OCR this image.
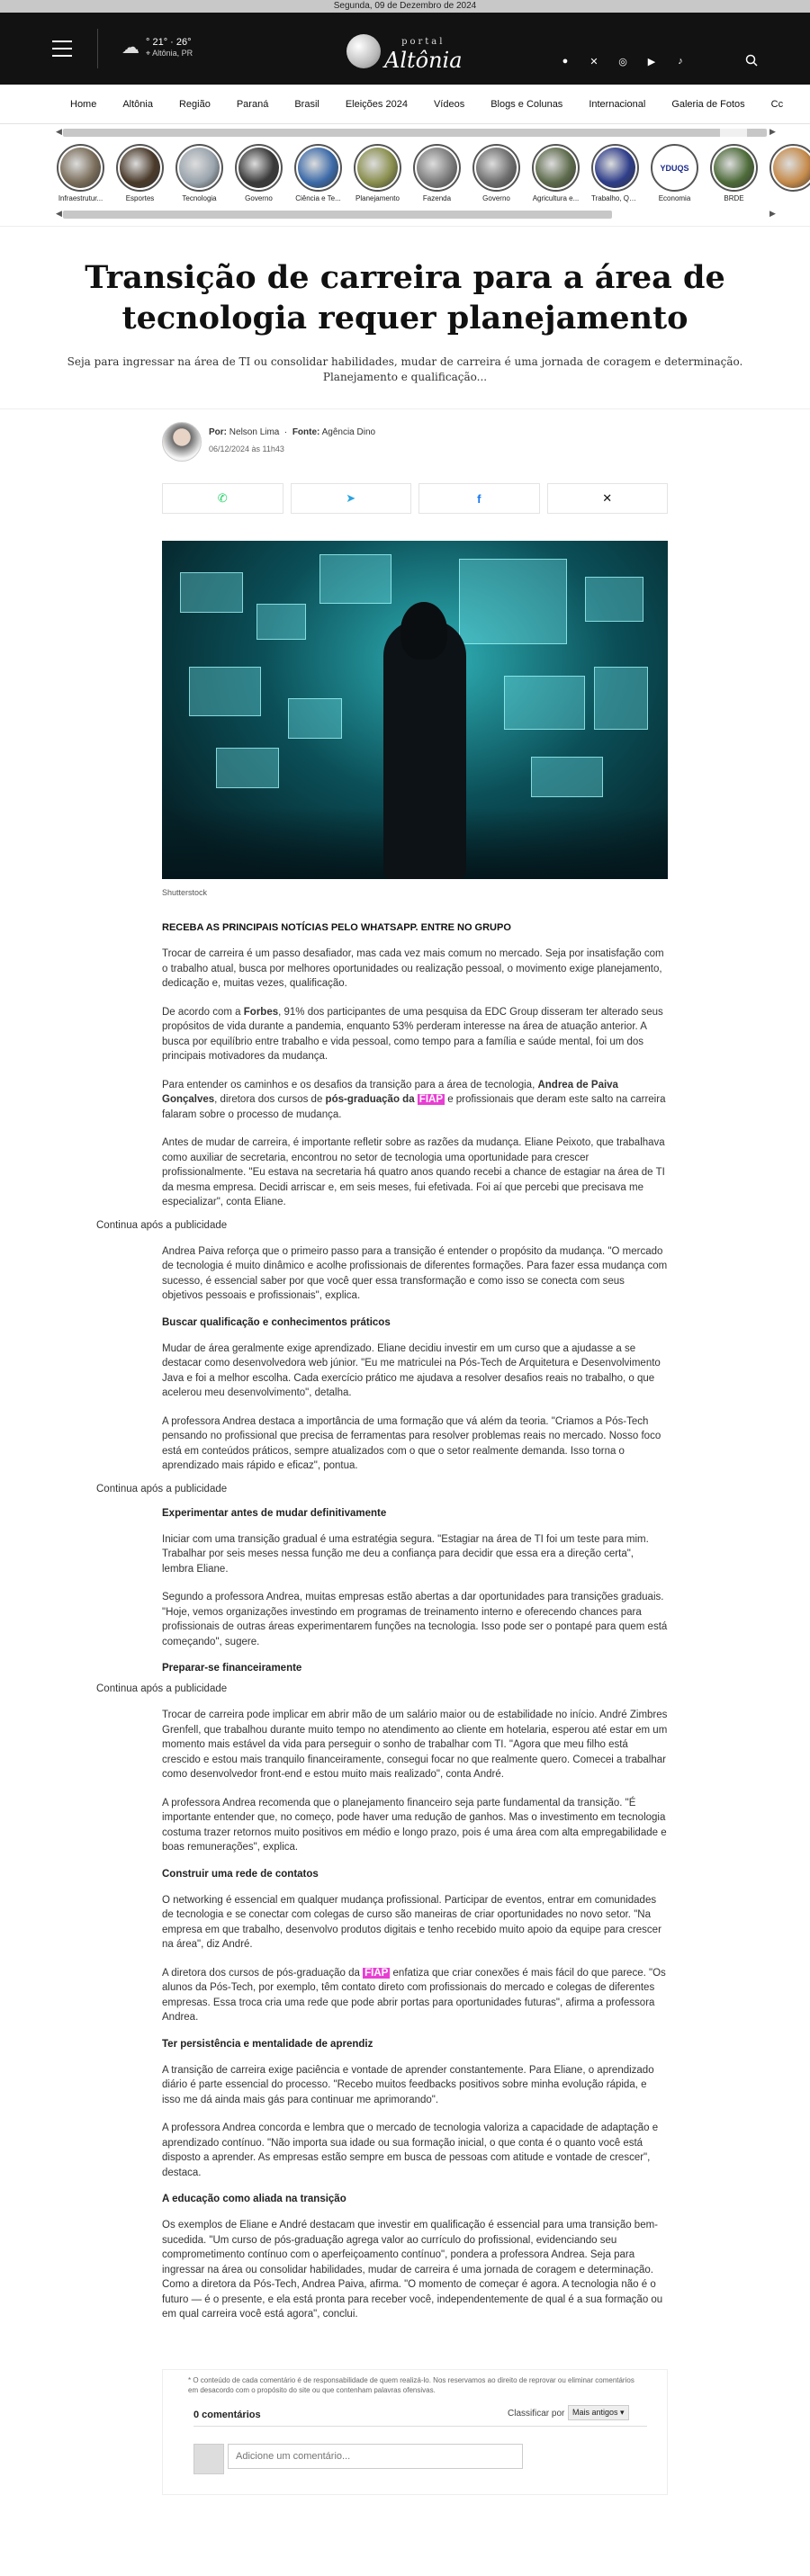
Segunda, 09 de Dezembro de 2024
☁ ° 21° · 26°
⌖ Altônia, PR
portal
Altônia	●	✕	◎	▶	♪
Home	Altônia	Região	Paraná	Brasil	Eleições 2024	Vídeos	Blogs e Colunas	Internacional	Galeria de Fotos	Cc
◀	▶
Infraestrutur...	Esportes	Tecnologia	Governo	Ciência e Te... Planejamento	Fazenda	Governo	Agricultura e... Trabalho, Qu...
YDUQS
Economia	BRDE
◀	▶
Transição de carreira para a área de tecnologia requer planejamento

Seja para ingressar na área de TI ou consolidar habilidades, mudar de carreira é uma jornada de coragem e determinação. Planejamento e qualificação...

Por: Nelson Lima  ·  Fonte: Agência Dino
06/12/2024 às 11h43
✆	➤	f	✕
Shutterstock
RECEBA AS PRINCIPAIS NOTÍCIAS PELO WHATSAPP. ENTRE NO GRUPO

Trocar de carreira é um passo desafiador, mas cada vez mais comum no mercado. Seja por insatisfação com o trabalho atual, busca por melhores oportunidades ou realização pessoal, o movimento exige planejamento, dedicação e, muitas vezes, qualificação.

De acordo com a Forbes, 91% dos participantes de uma pesquisa da EDC Group disseram ter alterado seus propósitos de vida durante a pandemia, enquanto 53% perderam interesse na área de atuação anterior. A busca por equilíbrio entre trabalho e vida pessoal, como tempo para a família e saúde mental, foi um dos principais motivadores da mudança.

Para entender os caminhos e os desafios da transição para a área de tecnologia, Andrea de Paiva Gonçalves, diretora dos cursos de pós-graduação da FIAP e profissionais que deram este salto na carreira falaram sobre o processo de mudança.

Antes de mudar de carreira, é importante refletir sobre as razões da mudança. Eliane Peixoto, que trabalhava como auxiliar de secretaria, encontrou no setor de tecnologia uma oportunidade para crescer profissionalmente. "Eu estava na secretaria há quatro anos quando recebi a chance de estagiar na área de TI da mesma empresa. Decidi arriscar e, em seis meses, fui efetivada. Foi aí que percebi que precisava me especializar", conta Eliane.

Continua após a publicidade

Andrea Paiva reforça que o primeiro passo para a transição é entender o propósito da mudança. "O mercado de tecnologia é muito dinâmico e acolhe profissionais de diferentes formações. Para fazer essa mudança com sucesso, é essencial saber por que você quer essa transformação e como isso se conecta com seus objetivos pessoais e profissionais", explica.

Buscar qualificação e conhecimentos práticos

Mudar de área geralmente exige aprendizado. Eliane decidiu investir em um curso que a ajudasse a se destacar como desenvolvedora web júnior. "Eu me matriculei na Pós-Tech de Arquitetura e Desenvolvimento Java e foi a melhor escolha. Cada exercício prático me ajudava a resolver desafios reais no trabalho, o que acelerou meu desenvolvimento", detalha.

A professora Andrea destaca a importância de uma formação que vá além da teoria. "Criamos a Pós-Tech pensando no profissional que precisa de ferramentas para resolver problemas reais no mercado. Nosso foco está em conteúdos práticos, sempre atualizados com o que o setor realmente demanda. Isso torna o aprendizado mais rápido e eficaz", pontua.

Continua após a publicidade
Experimentar antes de mudar definitivamente

Iniciar com uma transição gradual é uma estratégia segura. "Estagiar na área de TI foi um teste para mim. Trabalhar por seis meses nessa função me deu a confiança para decidir que essa era a direção certa", lembra Eliane.

Segundo a professora Andrea, muitas empresas estão abertas a dar oportunidades para transições graduais. "Hoje, vemos organizações investindo em programas de treinamento interno e oferecendo chances para profissionais de outras áreas experimentarem funções na tecnologia. Isso pode ser o pontapé para quem está começando", sugere.

Preparar-se financeiramente
Continua após a publicidade

Trocar de carreira pode implicar em abrir mão de um salário maior ou de estabilidade no início. André Zimbres Grenfell, que trabalhou durante muito tempo no atendimento ao cliente em hotelaria, esperou até estar em um momento mais estável da vida para perseguir o sonho de trabalhar com TI. "Agora que meu filho está crescido e estou mais tranquilo financeiramente, consegui focar no que realmente quero. Comecei a trabalhar como desenvolvedor front-end e estou muito mais realizado", conta André.

A professora Andrea recomenda que o planejamento financeiro seja parte fundamental da transição. "É importante entender que, no começo, pode haver uma redução de ganhos. Mas o investimento em tecnologia costuma trazer retornos muito positivos em médio e longo prazo, pois é uma área com alta empregabilidade e boas remunerações", explica.

Construir uma rede de contatos

O networking é essencial em qualquer mudança profissional. Participar de eventos, entrar em comunidades de tecnologia e se conectar com colegas de curso são maneiras de criar oportunidades no novo setor. "Na empresa em que trabalho, desenvolvo produtos digitais e tenho recebido muito apoio da equipe para crescer na área", diz André.

A diretora dos cursos de pós-graduação da FIAP enfatiza que criar conexões é mais fácil do que parece. "Os alunos da Pós-Tech, por exemplo, têm contato direto com profissionais do mercado e colegas de diferentes empresas. Essa troca cria uma rede que pode abrir portas para oportunidades futuras", afirma a professora Andrea.

Ter persistência e mentalidade de aprendiz

A transição de carreira exige paciência e vontade de aprender constantemente. Para Eliane, o aprendizado diário é parte essencial do processo. "Recebo muitos feedbacks positivos sobre minha evolução rápida, e isso me dá ainda mais gás para continuar me aprimorando".

A professora Andrea concorda e lembra que o mercado de tecnologia valoriza a capacidade de adaptação e aprendizado contínuo. "Não importa sua idade ou sua formação inicial, o que conta é o quanto você está disposto a aprender. As empresas estão sempre em busca de pessoas com atitude e vontade de crescer", destaca.

A educação como aliada na transição

Os exemplos de Eliane e André destacam que investir em qualificação é essencial para uma transição bem-sucedida. "Um curso de pós-graduação agrega valor ao currículo do profissional, evidenciando seu comprometimento contínuo com o aperfeiçoamento contínuo", pondera a professora Andrea. Seja para ingressar na área ou consolidar habilidades, mudar de carreira é uma jornada de coragem e determinação. Como a diretora da Pós-Tech, Andrea Paiva, afirma. "O momento de começar é agora. A tecnologia não é o futuro — é o presente, e ela está pronta para receber você, independentemente de qual é a sua formação ou em qual carreira você está agora", conclui.

* O conteúdo de cada comentário é de responsabilidade de quem realizá-lo. Nos reservamos ao direito de reprovar ou eliminar comentários em desacordo com o propósito do site ou que contenham palavras ofensivas.

0 comentários	Classificar por Mais antigos ▾
Adicione um comentário...
